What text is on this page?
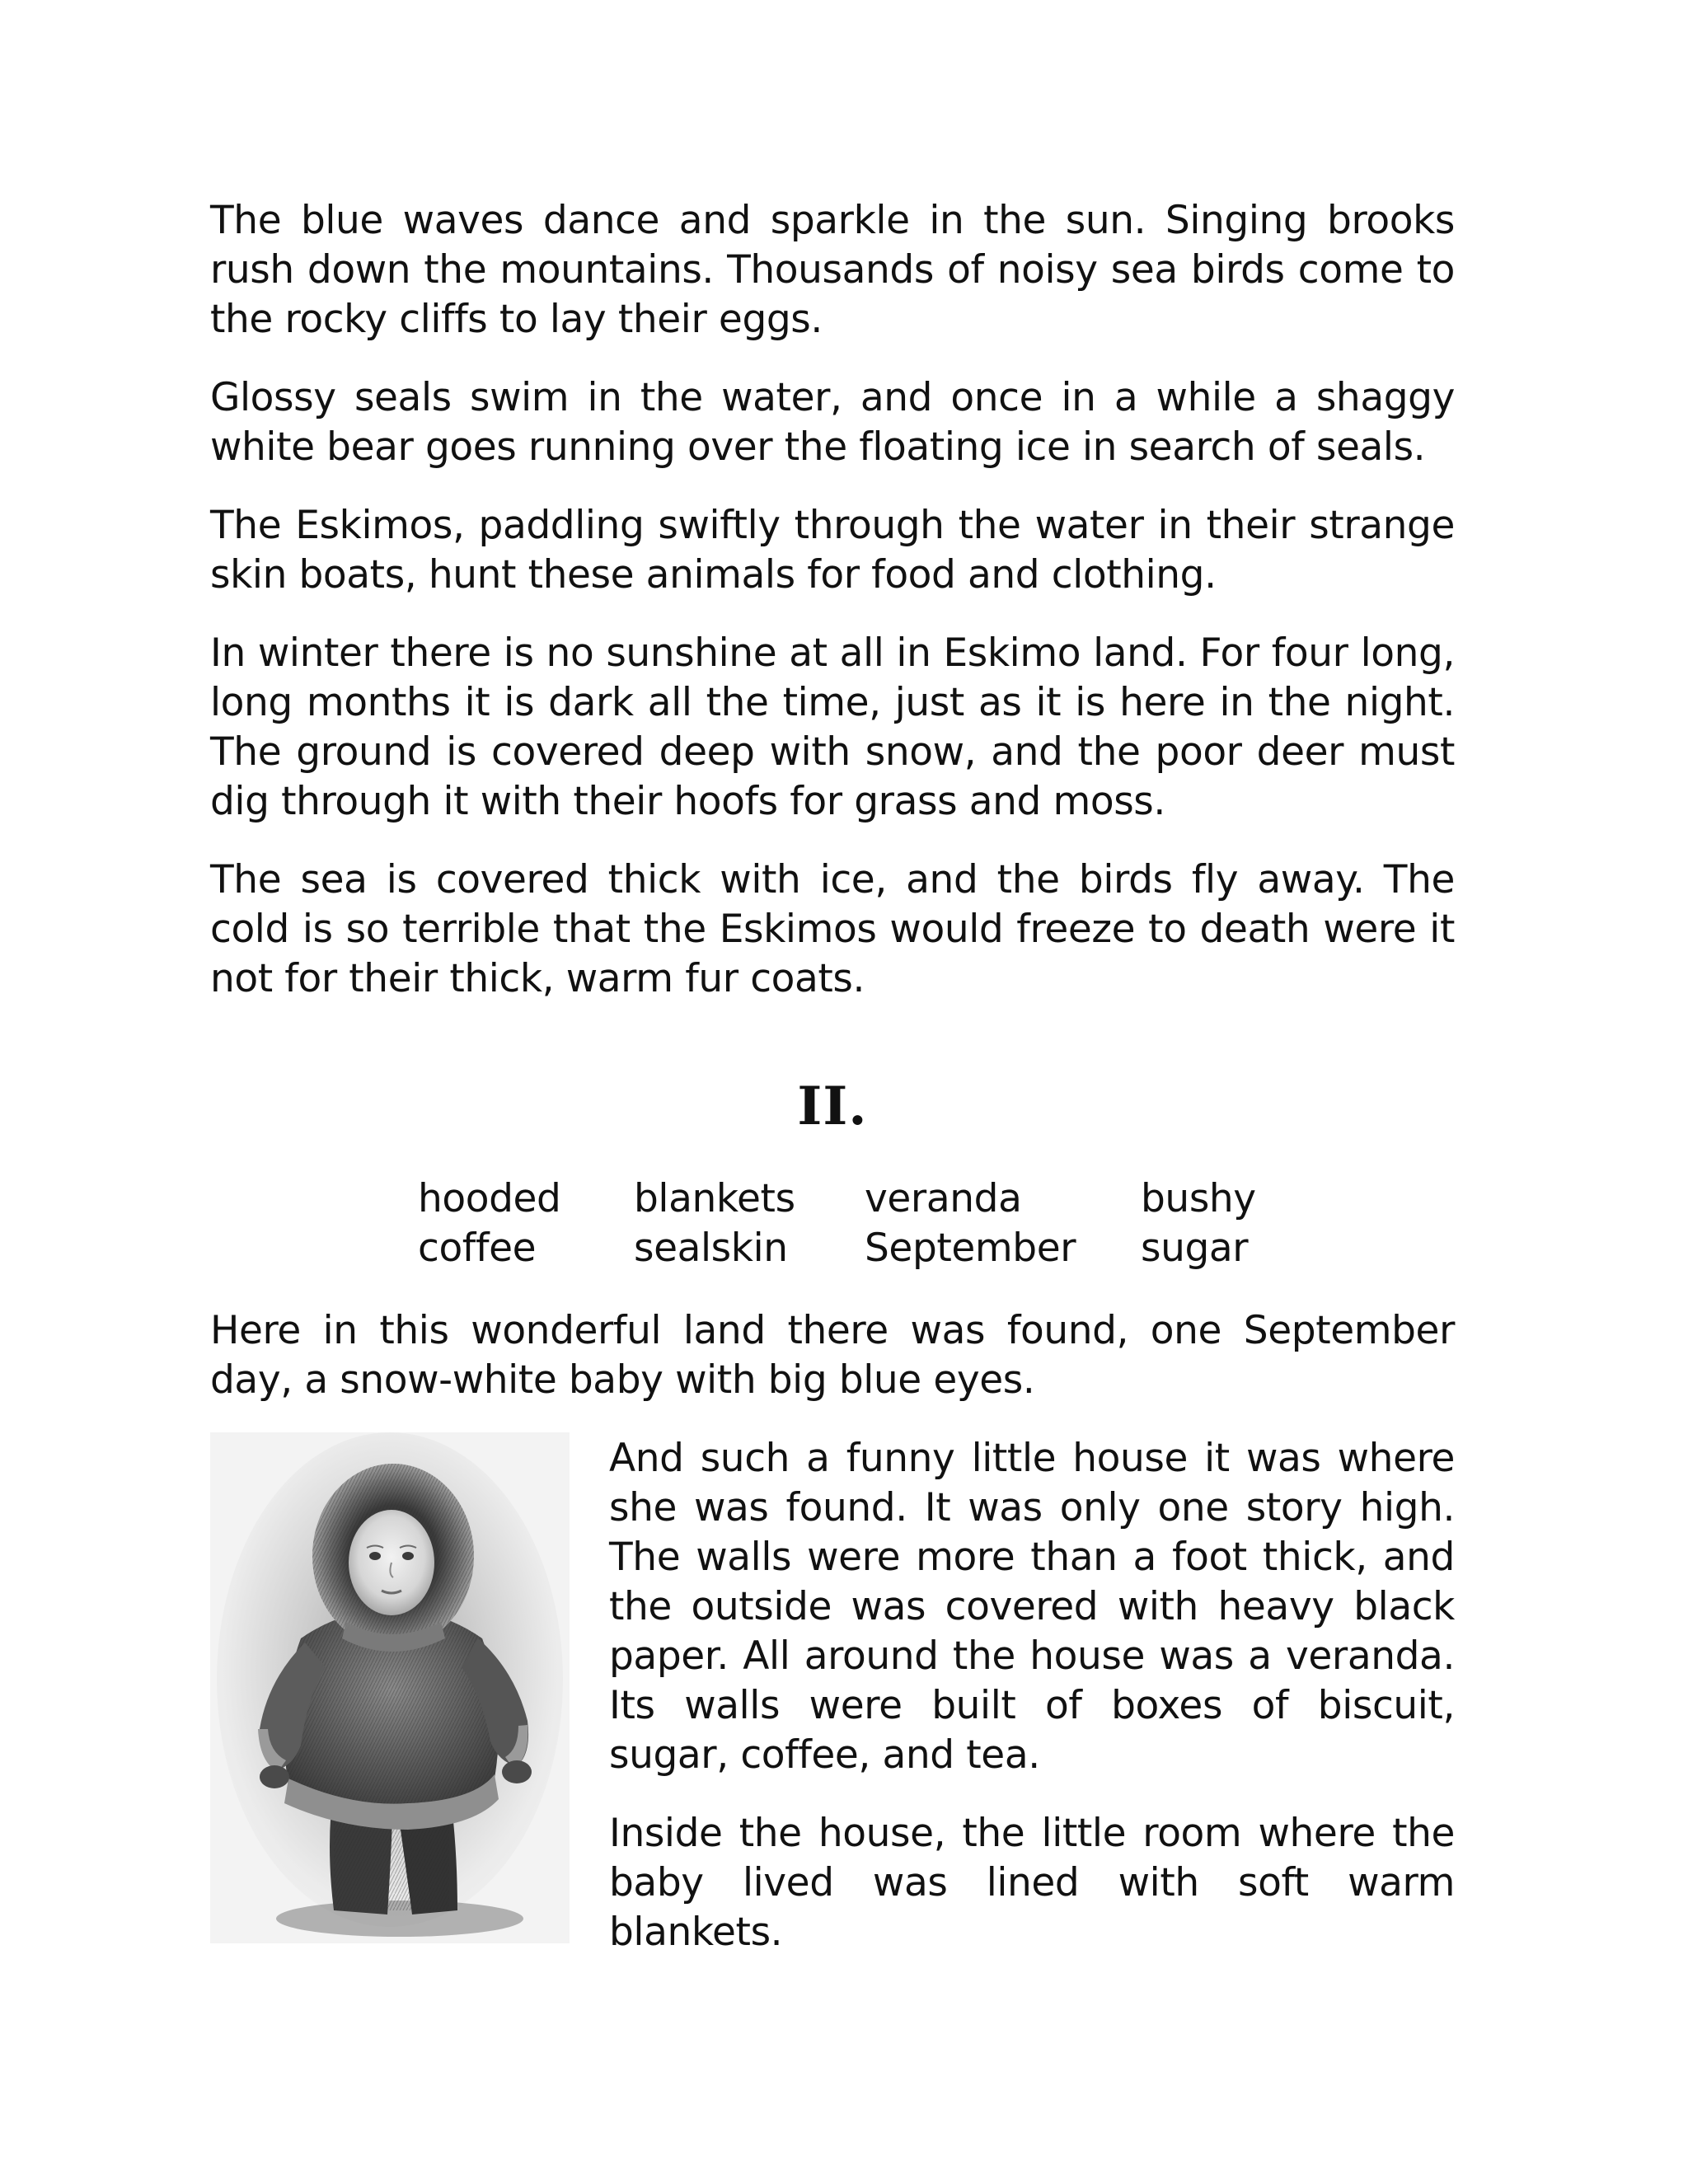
The blue waves dance and sparkle in the sun. Singing brooks rush down the mountains. Thousands of noisy sea birds come to the rocky cliffs to lay their eggs.

Glossy seals swim in the water, and once in a while a shaggy white bear goes running over the floating ice in search of seals.

The Eskimos, paddling swiftly through the water in their strange skin boats, hunt these animals for food and clothing.

In winter there is no sunshine at all in Eskimo land. For four long, long months it is dark all the time, just as it is here in the night. The ground is covered deep with snow, and the poor deer must dig through it with their hoofs for grass and moss.

The sea is covered thick with ice, and the birds fly away. The cold is so terrible that the Eskimos would freeze to death were it not for their thick, warm fur coats.

II.
hooded	blankets	veranda	bushy
coffee	sealskin	September	sugar

Here in this wonderful land there was found, one September day, a snow-white baby with big blue eyes.

And such a funny little house it was where she was found. It was only one story high. The walls were more than a foot thick, and the outside was covered with heavy black paper. All around the house was a veranda. Its walls were built of boxes of biscuit, sugar, coffee, and tea.

Inside the house, the little room where the baby lived was lined with soft warm blankets.
